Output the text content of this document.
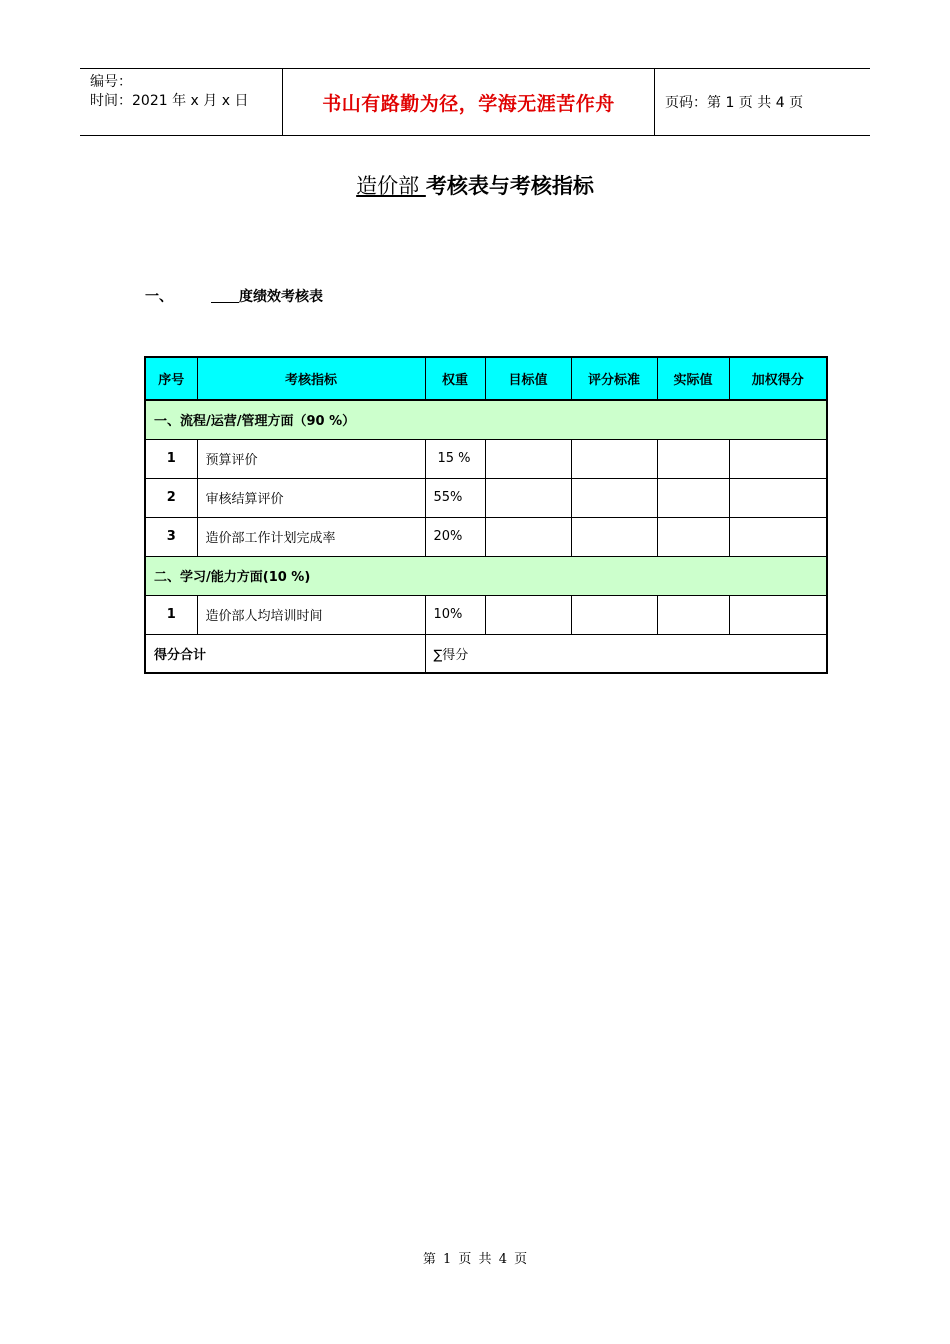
编号：
时间：2021 年 x 月 x 日	书山有路勤为径，学海无涯苦作舟	页码：第 1 页 共 4 页
造价部 考核表与考核指标
一、	度绩效考核表
序号	考核指标	权重	目标值	评分标准	实际值	加权得分
一、流程/运营/管理方面（90 %）						
1	预算评价	15 %				
2	审核结算评价	55%				
3	造价部工作计划完成率	20%				
二、学习/能力方面(10 %)						
1	造价部人均培训时间	10%				
得分合计		∑得分				
第 1 页 共 4 页
